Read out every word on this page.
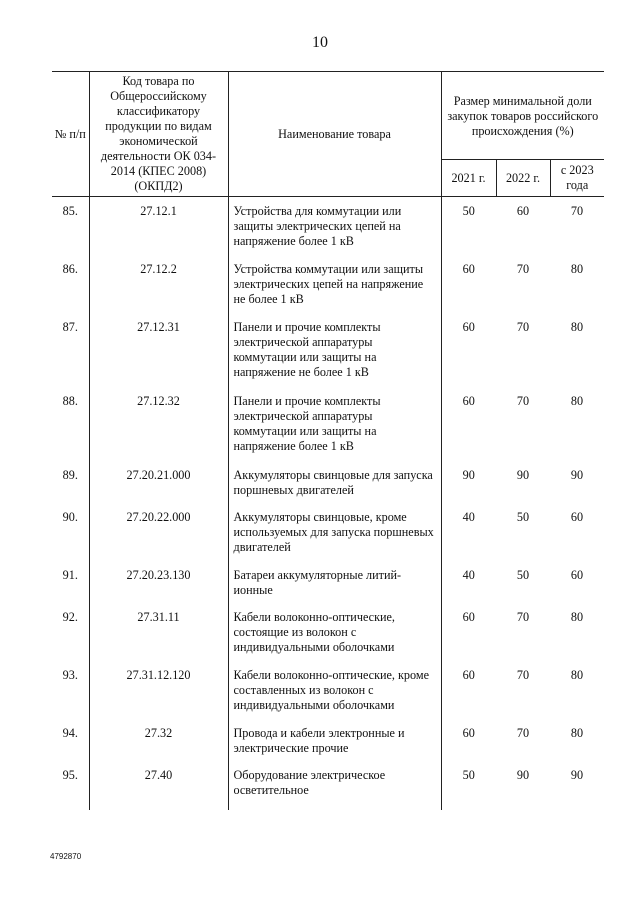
10
№ п/п	Код товара по Общероссийскому классификатору продукции по видам экономической деятельности ОК 034-2014 (КПЕС 2008) (ОКПД2)	Наименование товара	Размер минимальной доли закупок товаров российского происхождения (%)		
			2021 г.	2022 г.	с 2023 года
85.	27.12.1	Устройства для коммутации или защиты электрических цепей на напряжение более 1 кВ	50	60	70
86.	27.12.2	Устройства коммутации или защиты электрических цепей на напряжение не более 1 кВ	60	70	80
87.	27.12.31	Панели и прочие комплекты электрической аппаратуры коммутации или защиты на напряжение не более 1 кВ	60	70	80
88.	27.12.32	Панели и прочие комплекты электрической аппаратуры коммутации или защиты на напряжение более 1 кВ	60	70	80
89.	27.20.21.000	Аккумуляторы свинцовые для запуска поршневых двигателей	90	90	90
90.	27.20.22.000	Аккумуляторы свинцовые, кроме используемых для запуска поршневых двигателей	40	50	60
91.	27.20.23.130	Батареи аккумуляторные литий-ионные	40	50	60
92.	27.31.11	Кабели волоконно-оптические, состоящие из волокон с индивидуальными оболочками	60	70	80
93.	27.31.12.120	Кабели волоконно-оптические, кроме составленных из волокон с индивидуальными оболочками	60	70	80
94.	27.32	Провода и кабели электронные и электрические прочие	60	70	80
95.	27.40	Оборудование электрическое осветительное	50	90	90
4792870
